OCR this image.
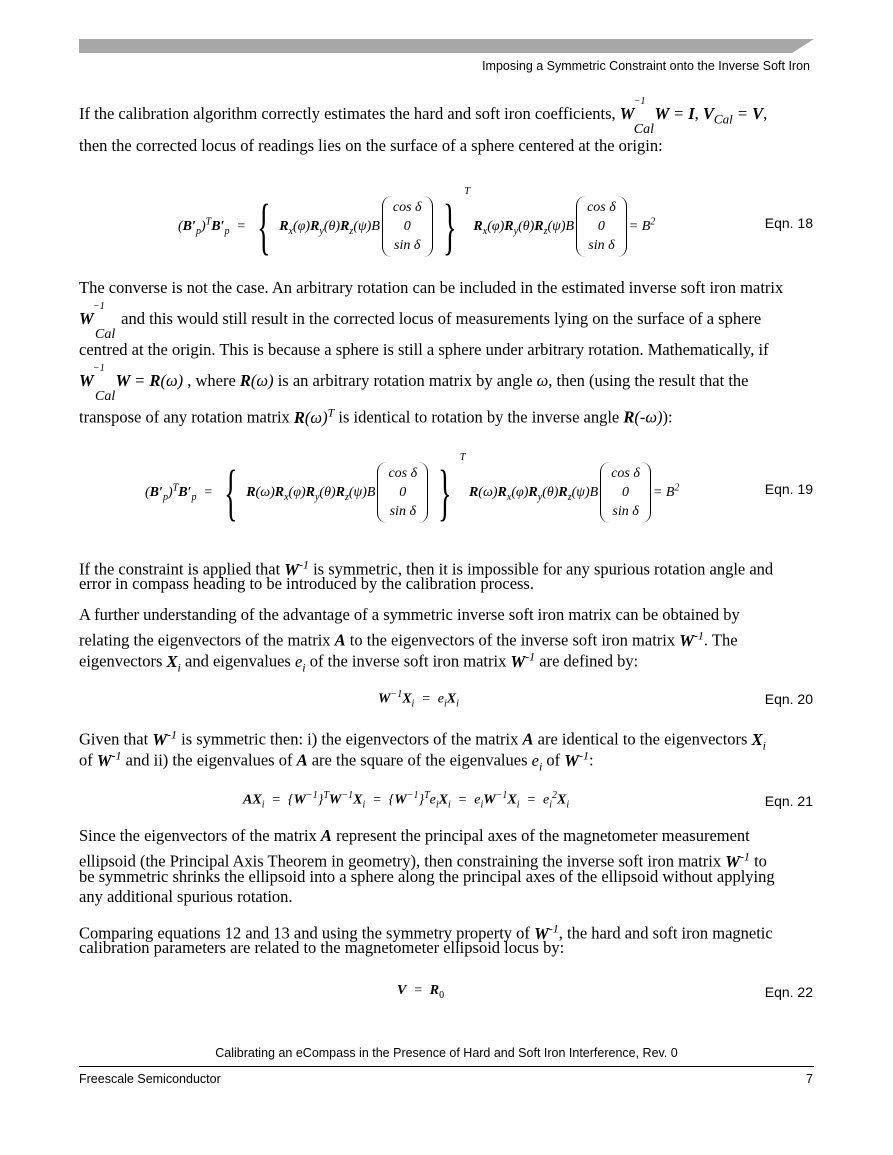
Imposing a Symmetric Constraint onto the Inverse Soft Iron
If the calibration algorithm correctly estimates the hard and soft iron coefficients, W
−1
Cal
W = I, $V_{Cal} = V$,
then the corrected locus of readings lies on the surface of a sphere centered at the origin:
$(B'_p)^TB'_p$  = { $R_x(\varphi)R_y(\theta)R_z(\psi)B$
cos δ
0
sin δ }$^T$ $R_x(\varphi)R_y(\theta)R_z(\psi)B$
cos δ
0
sin δ
= $B^2$	Eqn. 18
The converse is not the case. An arbitrary rotation can be included in the estimated inverse soft iron matrix
W
−1
Cal
and this would still result in the corrected locus of measurements lying on the surface of a sphere
centred at the origin. This is because a sphere is still a sphere under arbitrary rotation. Mathematically, if
W
−1
Cal
W = R(ω) , where R(ω) is an arbitrary rotation matrix by angle ω, then (using the result that the
transpose of any rotation matrix $R(\omega)^T$ is identical to rotation by the inverse angle R(-ω)):
$(B'_p)^TB'_p$  = { $R(\omega)R_x(\varphi)R_y(\theta)R_z(\psi)B$
cos δ
0
sin δ }$^T$ $R(\omega)R_x(\varphi)R_y(\theta)R_z(\psi)B$
cos δ
0
sin δ
= $B^2$	Eqn. 19
If the constraint is applied that $W^{-1}$ is symmetric, then it is impossible for any spurious rotation angle and
error in compass heading to be introduced by the calibration process.
A further understanding of the advantage of a symmetric inverse soft iron matrix can be obtained by
relating the eigenvectors of the matrix A to the eigenvectors of the inverse soft iron matrix $W^{-1}$. The
eigenvectors $X_i$ and eigenvalues $e_i$ of the inverse soft iron matrix $W^{-1}$ are defined by:
$W^{-1}X_i = e_iX_i$	Eqn. 20
Given that $W^{-1}$ is symmetric then: i) the eigenvectors of the matrix A are identical to the eigenvectors $X_i$
of $W^{-1}$ and ii) the eigenvalues of A are the square of the eigenvalues $e_i$ of $W^{-1}$:
$AX_i = \{W^{-1}\}^TW^{-1}X_i = \{W^{-1}\}^Te_iX_i = e_iW^{-1}X_i = e_i^2X_i$	Eqn. 21
Since the eigenvectors of the matrix A represent the principal axes of the magnetometer measurement
ellipsoid (the Principal Axis Theorem in geometry), then constraining the inverse soft iron matrix $W^{-1}$ to
be symmetric shrinks the ellipsoid into a sphere along the principal axes of the ellipsoid without applying
any additional spurious rotation.
Comparing equations 12 and 13 and using the symmetry property of $W^{-1}$, the hard and soft iron magnetic
calibration parameters are related to the magnetometer ellipsoid locus by:
$V = R_0$	Eqn. 22
Calibrating an eCompass in the Presence of Hard and Soft Iron Interference, Rev. 0
Freescale Semiconductor	7
